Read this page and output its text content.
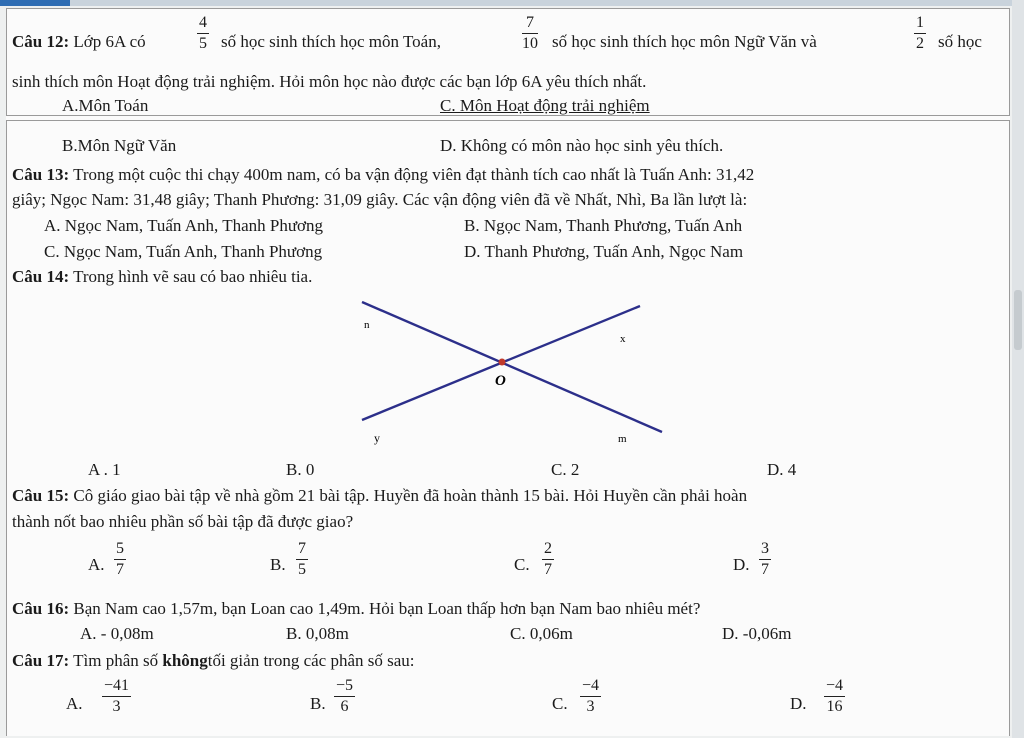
Câu 12: Lớp 6A có
4
5 số học sinh thích học môn Toán,
7
10 số học sinh thích học môn Ngữ Văn và
1
2 số học
sinh thích môn Hoạt động trải nghiệm. Hỏi môn học nào được các bạn lớp 6A yêu thích nhất.
A.Môn Toán	C. Môn Hoạt động trải nghiệm
B.Môn Ngữ Văn	D. Không có môn nào học sinh yêu thích.
Câu 13: Trong một cuộc thi chạy 400m nam, có ba vận động viên đạt thành tích cao nhất là Tuấn Anh: 31,42
giây; Ngọc Nam: 31,48 giây; Thanh Phương: 31,09 giây. Các vận động viên đã về Nhất, Nhì, Ba lần lượt là:
A. Ngọc Nam, Tuấn Anh, Thanh Phương	B. Ngọc Nam, Thanh Phương, Tuấn Anh
C. Ngọc Nam, Tuấn Anh, Thanh Phương	D. Thanh Phương, Tuấn Anh, Ngọc Nam
Câu 14: Trong hình vẽ sau có bao nhiêu tia.
n
x
O
y	m
A . 1	B. 0	C. 2	D. 4
Câu 15: Cô giáo giao bài tập về nhà gồm 21 bài tập. Huyền đã hoàn thành 15 bài. Hỏi Huyền cần phải hoàn
thành nốt bao nhiêu phần số bài tập đã được giao?
A.
5
7	B.
7
5	C.
2
7	D.
3
7
Câu 16: Bạn Nam cao 1,57m, bạn Loan cao 1,49m. Hỏi bạn Loan thấp hơn bạn Nam bao nhiêu mét?
A. - 0,08m	B. 0,08m	C. 0,06m	D. -0,06m
Câu 17: Tìm phân số khôngtối giản trong các phân số sau:
A.
−41
3	B.
−5
6	C.
−4
3	D.
−4
16
